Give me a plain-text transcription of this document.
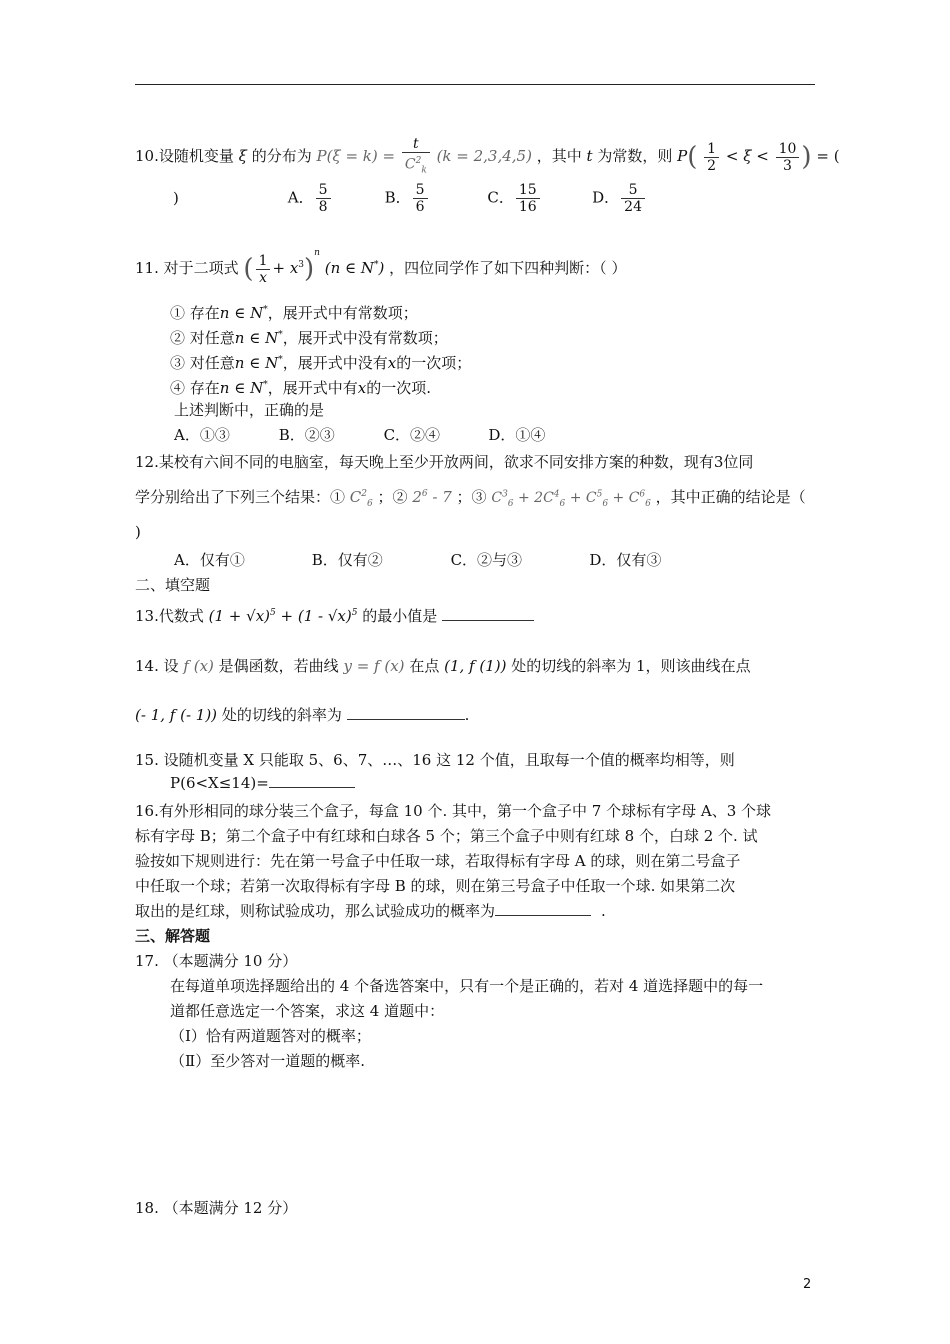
10.设随机变量 ξ 的分布为 $P(\xi = k) = \frac{t}{C^2_k} (k = 2,3,4,5)$ ，其中 t 为常数，则 $P( \frac{1}{2} < \xi < \frac{10}{3}$ ) = (
)	A． $\frac{5}{8}$	B． $\frac{5}{6}$	C． $\frac{15}{16}$	D． $\frac{5}{24}$
11. 对于二项式 ( $\frac{1}{x} + x^3)^n$ (n ∈ N*) ，四位同学作了如下四种判断：（ ）
① 存在n ∈ N*，展开式中有常数项；
② 对任意n ∈ N*，展开式中没有常数项；
③ 对任意n ∈ N*，展开式中没有x的一次项；
④ 存在n ∈ N*，展开式中有x的一次项.
上述判断中，正确的是
A．①③	B．②③	C．②④	D．①④
12.某校有六间不同的电脑室，每天晚上至少开放两间，欲求不同安排方案的种数，现有3位同
学分别给出了下列三个结果：① $C^2_6$ ；② $2^6 - 7$ ；③ $C^3_6 + 2C^4_6 + C^5_6 + C^6_6$ ，其中正确的结论是（
)
A．仅有①	B．仅有②	C．②与③	D．仅有③
二、填空题
13.代数式 $(1 + √x)^5 + (1 - √x)^5$ 的最小值是
14. 设 f (x) 是偶函数，若曲线 y = f (x) 在点 (1, f (1)) 处的切线的斜率为 1，则该曲线在点
(- 1, f (- 1)) 处的切线的斜率为	.
15. 设随机变量 X 只能取 5、6、7、…、16 这 12 个值，且取每一个值的概率均相等，则
P(6<X≤14)=
16.有外形相同的球分装三个盒子，每盒 10 个. 其中，第一个盒子中 7 个球标有字母 A、3 个球
标有字母 B；第二个盒子中有红球和白球各 5 个；第三个盒子中则有红球 8 个，白球 2 个. 试
验按如下规则进行：先在第一号盒子中任取一球，若取得标有字母 A 的球，则在第二号盒子
中任取一个球；若第一次取得标有字母 B 的球，则在第三号盒子中任取一个球. 如果第二次
取出的是红球，则称试验成功，那么试验成功的概率为	.
三、解答题
17. （本题满分 10 分）
在每道单项选择题给出的 4 个备选答案中，只有一个是正确的，若对 4 道选择题中的每一
道都任意选定一个答案，求这 4 道题中：
（Ⅰ）恰有两道题答对的概率；
（Ⅱ）至少答对一道题的概率.
18. （本题满分 12 分）
2
